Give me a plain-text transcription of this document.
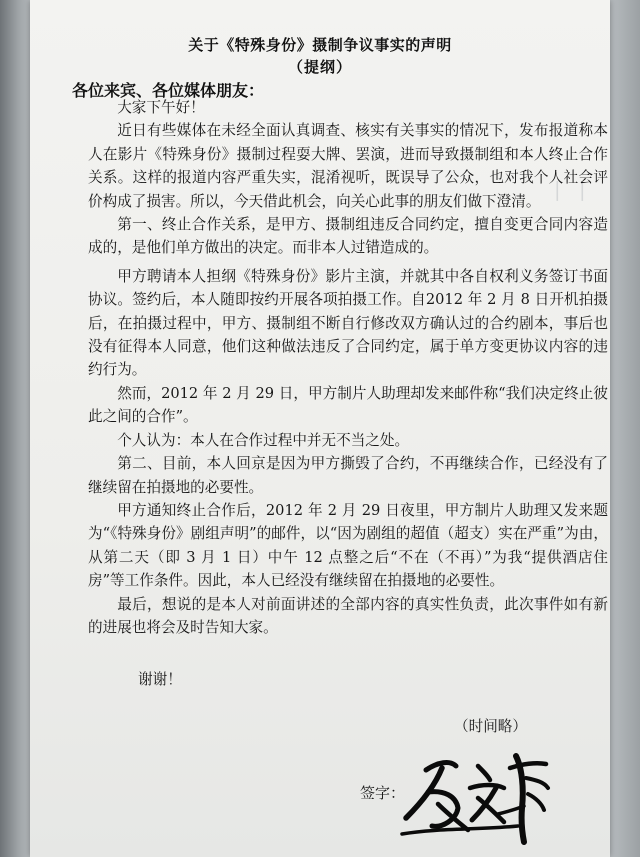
— —
关于《特殊身份》摄制争议事实的声明
（提纲）
各位来宾、各位媒体朋友：

大家下午好！

近日有些媒体在未经全面认真调查、核实有关事实的情况下，发布报道称本人在影片《特殊身份》摄制过程耍大牌、罢演，进而导致摄制组和本人终止合作关系。这样的报道内容严重失实，混淆视听，既误导了公众，也对我个人社会评价构成了损害。所以，今天借此机会，向关心此事的朋友们做下澄清。

第一、终止合作关系，是甲方、摄制组违反合同约定，擅自变更合同内容造成的，是他们单方做出的决定。而非本人过错造成的。

甲方聘请本人担纲《特殊身份》影片主演，并就其中各自权利义务签订书面协议。签约后，本人随即按约开展各项拍摄工作。自2012 年 2 月 8 日开机拍摄后，在拍摄过程中，甲方、摄制组不断自行修改双方确认过的合约剧本，事后也没有征得本人同意，他们这种做法违反了合同约定，属于单方变更协议内容的违约行为。

然而，2012 年 2 月 29 日，甲方制片人助理却发来邮件称“我们决定终止彼此之间的合作”。

个人认为：本人在合作过程中并无不当之处。

第二、目前，本人回京是因为甲方撕毁了合约，不再继续合作，已经没有了继续留在拍摄地的必要性。

甲方通知终止合作后，2012 年 2 月 29 日夜里，甲方制片人助理又发来题为“《特殊身份》剧组声明”的邮件，以“因为剧组的超值（超支）实在严重”为由，从第二天（即 3 月 1 日）中午 12 点整之后“不在（不再）”为我“提供酒店住房”等工作条件。因此，本人已经没有继续留在拍摄地的必要性。

最后，想说的是本人对前面讲述的全部内容的真实性负责，此次事件如有新的进展也将会及时告知大家。

谢谢！
（时间略）
签字：
